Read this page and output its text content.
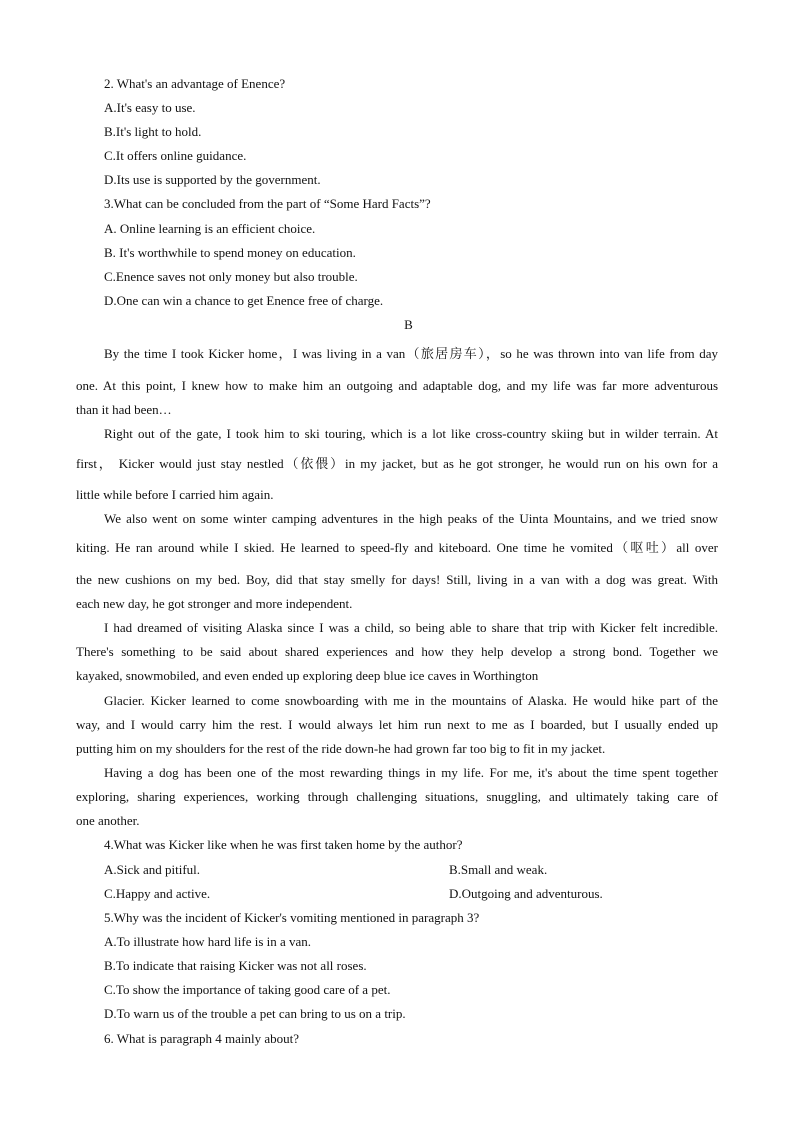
2. What's an advantage of Enence?
A.It's easy to use.
B.It's light to hold.
C.It offers online guidance.
D.Its use is supported by the government.
3.What can be concluded from the part of “Some Hard Facts”?
A. Online learning is an efficient choice.
B. It's worthwhile to spend money on education.
C.Enence saves not only money but also trouble.
D.One can win a chance to get Enence free of charge.
B
By the time I took Kicker home，I was living in a van（旅居房车），so he was thrown into van life from day
one. At this point, I knew how to make him an outgoing and adaptable dog, and my life was far more adventurous
than it had been…
Right out of the gate, I took him to ski touring, which is a lot like cross-country skiing but in wilder terrain. At
first， Kicker would just stay nestled（依偎）in my jacket, but as he got stronger, he would run on his own for a
little while before I carried him again.
We also went on some winter camping adventures in the high peaks of the Uinta Mountains, and we tried snow
kiting. He ran around while I skied. He learned to speed-fly and kiteboard. One time he vomited（呕吐）all over
the new cushions on my bed. Boy, did that stay smelly for days! Still, living in a van with a dog was great. With
each new day, he got stronger and more independent.
I had dreamed of visiting Alaska since I was a child, so being able to share that trip with Kicker felt incredible.
There's something to be said about shared experiences and how they help develop a strong bond. Together we
kayaked, snowmobiled, and even ended up exploring deep blue ice caves in Worthington
Glacier. Kicker learned to come snowboarding with me in the mountains of Alaska. He would hike part of the
way, and I would carry him the rest. I would always let him run next to me as I boarded, but I usually ended up
putting him on my shoulders for the rest of the ride down-he had grown far too big to fit in my jacket.
Having a dog has been one of the most rewarding things in my life. For me, it's about the time spent together
exploring, sharing experiences, working through challenging situations, snuggling, and ultimately taking care of
one another.
4.What was Kicker like when he was first taken home by the author?
A.Sick and pitiful.	B.Small and weak.
C.Happy and active.	D.Outgoing and adventurous.
5.Why was the incident of Kicker's vomiting mentioned in paragraph 3?
A.To illustrate how hard life is in a van.
B.To indicate that raising Kicker was not all roses.
C.To show the importance of taking good care of a pet.
D.To warn us of the trouble a pet can bring to us on a trip.
6. What is paragraph 4 mainly about?
